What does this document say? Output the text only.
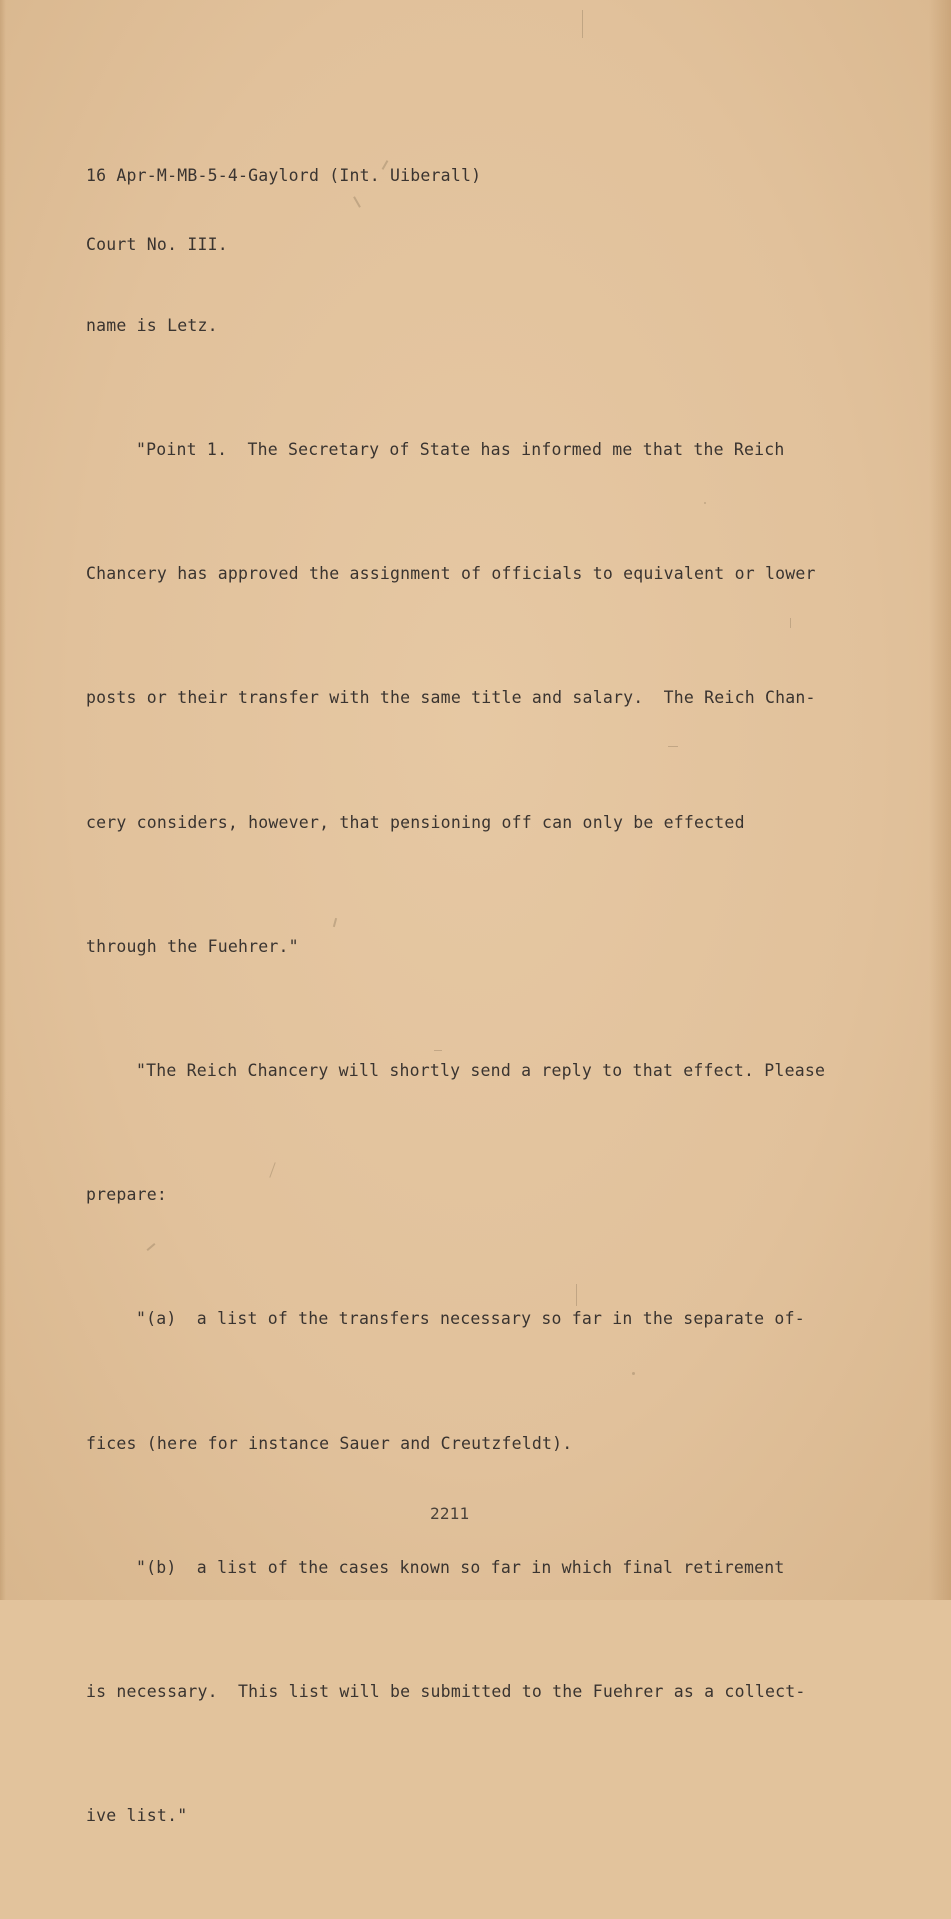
16 Apr-M-MB-5-4-Gaylord (Int. Uiberall)

Court No. III.

name is Letz.

"Point 1.  The Secretary of State has informed me that the Reich

Chancery has approved the assignment of officials to equivalent or lower

posts or their transfer with the same title and salary.  The Reich Chan-

cery considers, however, that pensioning off can only be effected

through the Fuehrer."

"The Reich Chancery will shortly send a reply to that effect. Please

prepare:

"(a)  a list of the transfers necessary so far in the separate of-

fices (here for instance Sauer and Creutzfeldt).

"(b)  a list of the cases known so far in which final retirement

is necessary.  This list will be submitted to the Fuehrer as a collect-

ive list."

2211
